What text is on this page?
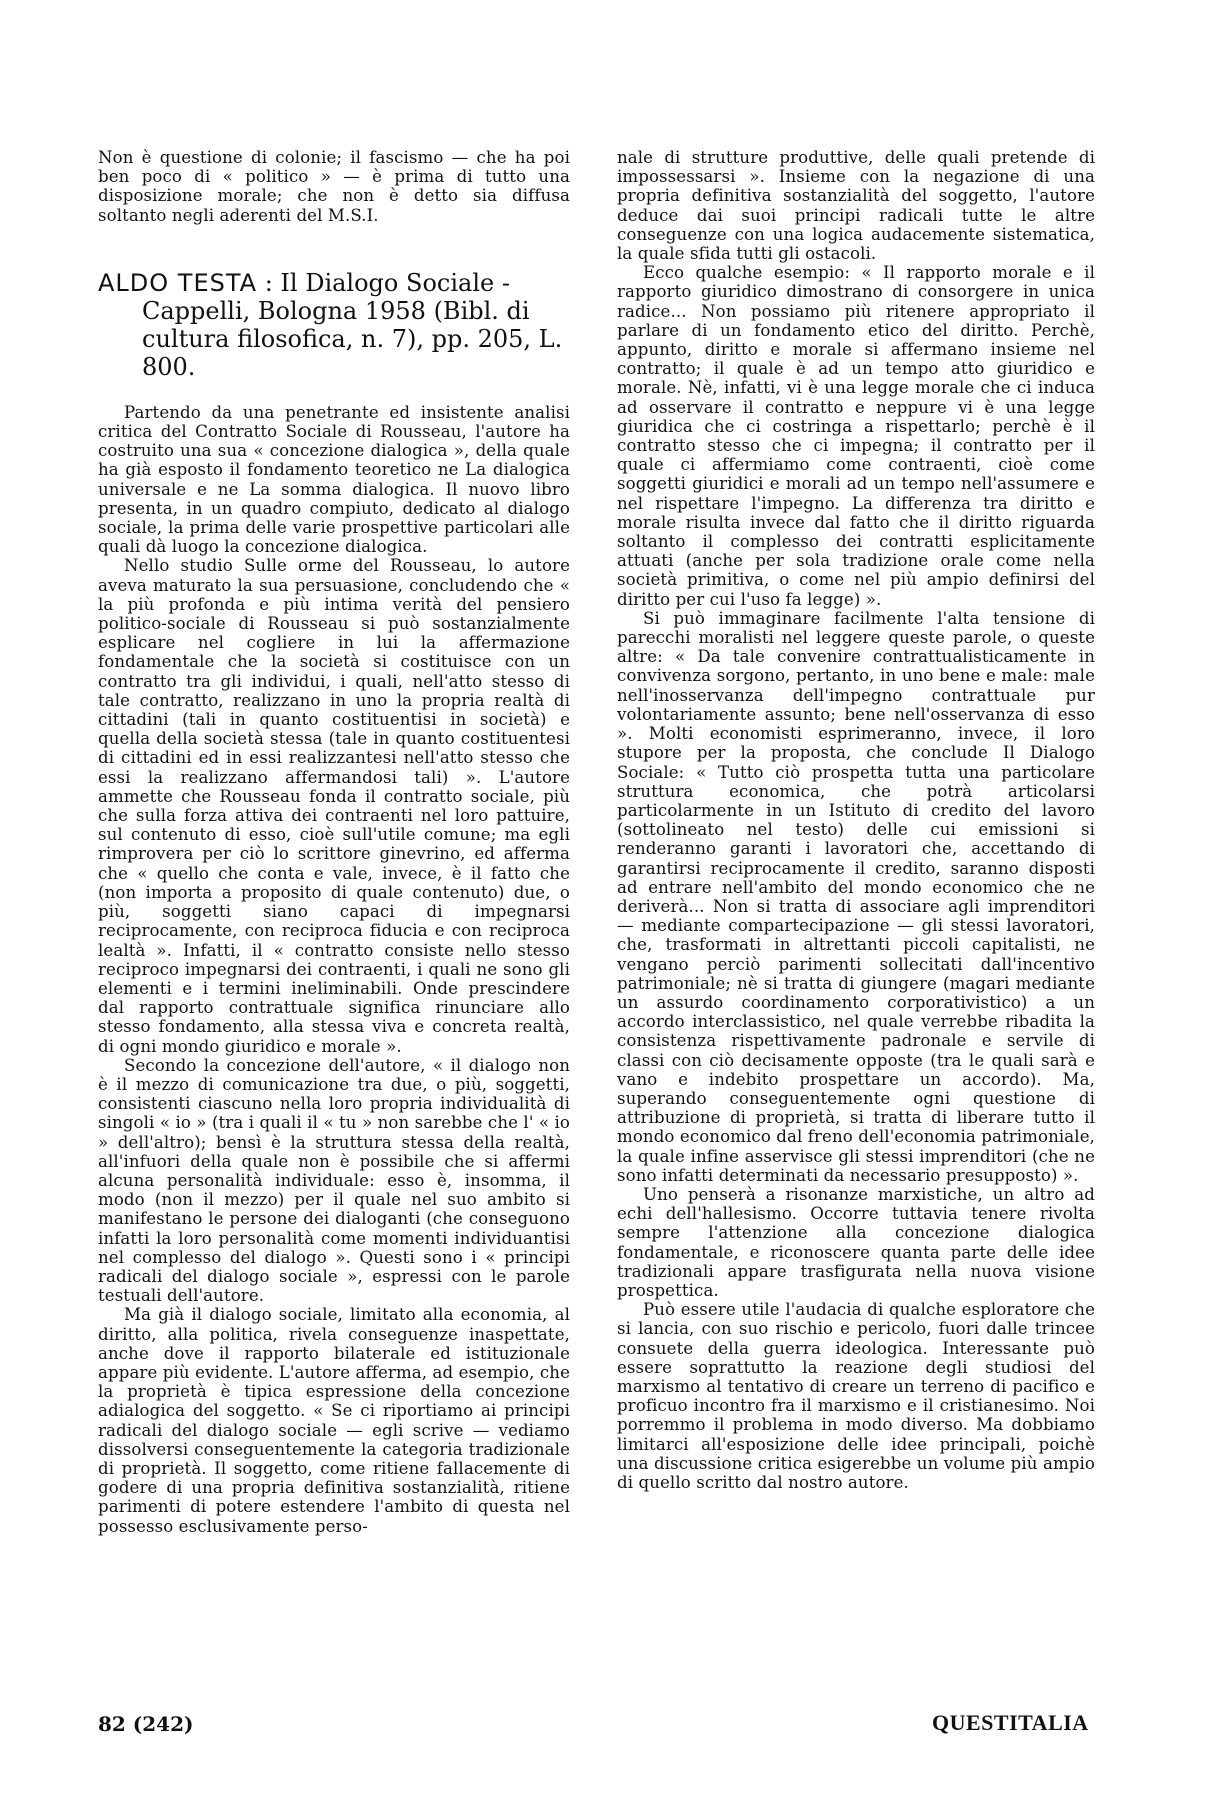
Non è questione di colonie; il fascismo — che ha poi ben poco di « politico » — è prima di tutto una disposizione morale; che non è detto sia diffusa soltanto negli aderenti del M.S.I.

ALDO TESTA : Il Dialogo Sociale - Cappelli, Bologna 1958 (Bibl. di cultura filosofica, n. 7), pp. 205, L. 800.

Partendo da una penetrante ed insistente analisi critica del Contratto Sociale di Rousseau, l'autore ha costruito una sua « concezione dialogica », della quale ha già esposto il fondamento teoretico ne La dialogica universale e ne La somma dialogica. Il nuovo libro presenta, in un quadro compiuto, dedicato al dialogo sociale, la prima delle varie prospettive particolari alle quali dà luogo la concezione dialogica.

Nello studio Sulle orme del Rousseau, lo autore aveva maturato la sua persuasione, concludendo che « la più profonda e più intima verità del pensiero politico-sociale di Rousseau si può sostanzialmente esplicare nel cogliere in lui la affermazione fondamentale che la società si costituisce con un contratto tra gli individui, i quali, nell'atto stesso di tale contratto, realizzano in uno la propria realtà di cittadini (tali in quanto costituentisi in società) e quella della società stessa (tale in quanto costituentesi di cittadini ed in essi realizzantesi nell'atto stesso che essi la realizzano affermandosi tali) ». L'autore ammette che Rousseau fonda il contratto sociale, più che sulla forza attiva dei contraenti nel loro pattuire, sul contenuto di esso, cioè sull'utile comune; ma egli rimprovera per ciò lo scrittore ginevrino, ed afferma che « quello che conta e vale, invece, è il fatto che (non importa a proposito di quale contenuto) due, o più, soggetti siano capaci di impegnarsi reciprocamente, con reciproca fiducia e con reciproca lealtà ». Infatti, il « contratto consiste nello stesso reciproco impegnarsi dei contraenti, i quali ne sono gli elementi e i termini ineliminabili. Onde prescindere dal rapporto contrattuale significa rinunciare allo stesso fondamento, alla stessa viva e concreta realtà, di ogni mondo giuridico e morale ».

Secondo la concezione dell'autore, « il dialogo non è il mezzo di comunicazione tra due, o più, soggetti, consistenti ciascuno nella loro propria individualità di singoli « io » (tra i quali il « tu » non sarebbe che l' « io » dell'altro); bensì è la struttura stessa della realtà, all'infuori della quale non è possibile che si affermi alcuna personalità individuale: esso è, insomma, il modo (non il mezzo) per il quale nel suo ambito si manifestano le persone dei dialoganti (che conseguono infatti la loro personalità come momenti individuantisi nel complesso del dialogo ». Questi sono i « principi radicali del dialogo sociale », espressi con le parole testuali dell'autore.

Ma già il dialogo sociale, limitato alla economia, al diritto, alla politica, rivela conseguenze inaspettate, anche dove il rapporto bilaterale ed istituzionale appare più evidente. L'autore afferma, ad esempio, che la proprietà è tipica espressione della concezione adialogica del soggetto. « Se ci riportiamo ai principi radicali del dialogo sociale — egli scrive — vediamo dissolversi conseguentemente la categoria tradizionale di proprietà. Il soggetto, come ritiene fallacemente di godere di una propria definitiva sostanzialità, ritiene parimenti di potere estendere l'ambito di questa nel possesso esclusivamente perso-

nale di strutture produttive, delle quali pretende di impossessarsi ». Insieme con la negazione di una propria definitiva sostanzialità del soggetto, l'autore deduce dai suoi principi radicali tutte le altre conseguenze con una logica audacemente sistematica, la quale sfida tutti gli ostacoli.

Ecco qualche esempio: « Il rapporto morale e il rapporto giuridico dimostrano di consorgere in unica radice... Non possiamo più ritenere appropriato il parlare di un fondamento etico del diritto. Perchè, appunto, diritto e morale si affermano insieme nel contratto; il quale è ad un tempo atto giuridico e morale. Nè, infatti, vi è una legge morale che ci induca ad osservare il contratto e neppure vi è una legge giuridica che ci costringa a rispettarlo; perchè è il contratto stesso che ci impegna; il contratto per il quale ci affermiamo come contraenti, cioè come soggetti giuridici e morali ad un tempo nell'assumere e nel rispettare l'impegno. La differenza tra diritto e morale risulta invece dal fatto che il diritto riguarda soltanto il complesso dei contratti esplicitamente attuati (anche per sola tradizione orale come nella società primitiva, o come nel più ampio definirsi del diritto per cui l'uso fa legge) ».

Si può immaginare facilmente l'alta tensione di parecchi moralisti nel leggere queste parole, o queste altre: « Da tale convenire contrattualisticamente in convivenza sorgono, pertanto, in uno bene e male: male nell'inosservanza dell'impegno contrattuale pur volontariamente assunto; bene nell'osservanza di esso ». Molti economisti esprimeranno, invece, il loro stupore per la proposta, che conclude Il Dialogo Sociale: « Tutto ciò prospetta tutta una particolare struttura economica, che potrà articolarsi particolarmente in un Istituto di credito del lavoro (sottolineato nel testo) delle cui emissioni si renderanno garanti i lavoratori che, accettando di garantirsi reciprocamente il credito, saranno disposti ad entrare nell'ambito del mondo economico che ne deriverà... Non si tratta di associare agli imprenditori — mediante compartecipazione — gli stessi lavoratori, che, trasformati in altrettanti piccoli capitalisti, ne vengano perciò parimenti sollecitati dall'incentivo patrimoniale; nè si tratta di giungere (magari mediante un assurdo coordinamento corporativistico) a un accordo interclassistico, nel quale verrebbe ribadita la consistenza rispettivamente padronale e servile di classi con ciò decisamente opposte (tra le quali sarà e vano e indebito prospettare un accordo). Ma, superando conseguentemente ogni questione di attribuzione di proprietà, si tratta di liberare tutto il mondo economico dal freno dell'economia patrimoniale, la quale infine asservisce gli stessi imprenditori (che ne sono infatti determinati da necessario presupposto) ».

Uno penserà a risonanze marxistiche, un altro ad echi dell'hallesismo. Occorre tuttavia tenere rivolta sempre l'attenzione alla concezione dialogica fondamentale, e riconoscere quanta parte delle idee tradizionali appare trasfigurata nella nuova visione prospettica.

Può essere utile l'audacia di qualche esploratore che si lancia, con suo rischio e pericolo, fuori dalle trincee consuete della guerra ideologica. Interessante può essere soprattutto la reazione degli studiosi del marxismo al tentativo di creare un terreno di pacifico e proficuo incontro fra il marxismo e il cristianesimo. Noi porremmo il problema in modo diverso. Ma dobbiamo limitarci all'esposizione delle idee principali, poichè una discussione critica esigerebbe un volume più ampio di quello scritto dal nostro autore.

82 (242)	QUESTITALIA
